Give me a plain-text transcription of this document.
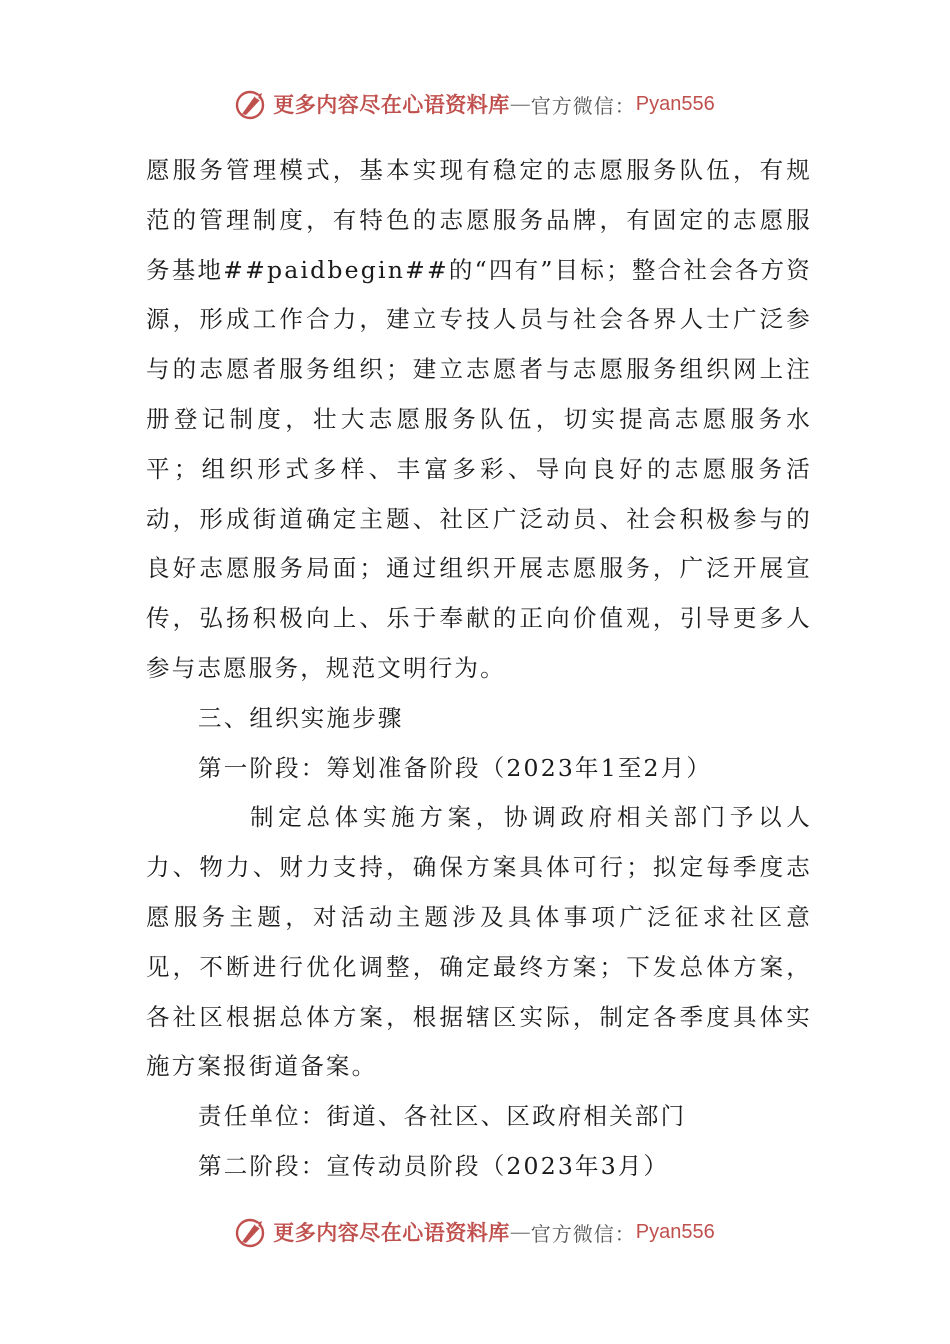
更多内容尽在心语资料库 — 官方微信： Pyan556

愿服务管理模式，基本实现有稳定的志愿服务队伍，有规范的管理制度，有特色的志愿服务品牌，有固定的志愿服务基地##paidbegin##的“四有”目标；整合社会各方资源，形成工作合力，建立专技人员与社会各界人士广泛参与的志愿者服务组织；建立志愿者与志愿服务组织网上注册登记制度，壮大志愿服务队伍，切实提高志愿服务水平；组织形式多样、丰富多彩、导向良好的志愿服务活动，形成街道确定主题、社区广泛动员、社会积极参与的良好志愿服务局面；通过组织开展志愿服务，广泛开展宣传，弘扬积极向上、乐于奉献的正向价值观，引导更多人参与志愿服务，规范文明行为。

三、组织实施步骤

第一阶段：筹划准备阶段（2023年1至2月）

制定总体实施方案，协调政府相关部门予以人力、物力、财力支持，确保方案具体可行；拟定每季度志愿服务主题，对活动主题涉及具体事项广泛征求社区意见，不断进行优化调整，确定最终方案；下发总体方案，各社区根据总体方案，根据辖区实际，制定各季度具体实施方案报街道备案。

责任单位：街道、各社区、区政府相关部门

第二阶段：宣传动员阶段（2023年3月）

更多内容尽在心语资料库 — 官方微信： Pyan556
